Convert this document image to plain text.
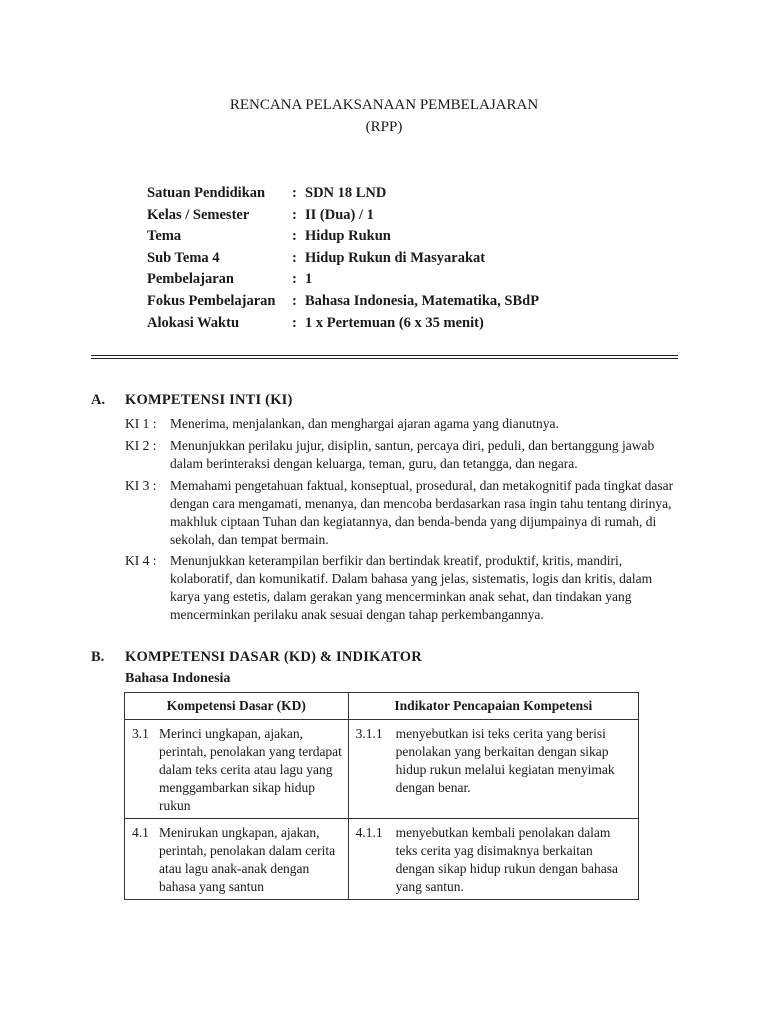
RENCANA PELAKSANAAN PEMBELAJARAN
(RPP)
Satuan Pendidikan : SDN 18 LND
Kelas / Semester	: II (Dua) / 1
Tema	: Hidup Rukun
Sub Tema 4	: Hidup Rukun di Masyarakat
Pembelajaran	: 1
Fokus Pembelajaran : Bahasa Indonesia, Matematika, SBdP
Alokasi Waktu	: 1 x Pertemuan (6 x 35 menit)
A. KOMPETENSI INTI (KI)
KI 1 : Menerima, menjalankan, dan menghargai ajaran agama yang dianutnya.
KI 2 : Menunjukkan perilaku jujur, disiplin, santun, percaya diri, peduli, dan bertanggung jawab dalam berinteraksi dengan keluarga, teman, guru, dan tetangga, dan negara.
KI 3 : Memahami pengetahuan faktual, konseptual, prosedural, dan metakognitif pada tingkat dasar dengan cara mengamati, menanya, dan mencoba berdasarkan rasa ingin tahu tentang dirinya, makhluk ciptaan Tuhan dan kegiatannya, dan benda-benda yang dijumpainya di rumah, di sekolah, dan tempat bermain.
KI 4 : Menunjukkan keterampilan berfikir dan bertindak kreatif, produktif, kritis, mandiri, kolaboratif, dan komunikatif. Dalam bahasa yang jelas, sistematis, logis dan kritis, dalam karya yang estetis, dalam gerakan yang mencerminkan anak sehat, dan tindakan yang mencerminkan perilaku anak sesuai dengan tahap perkembangannya.
B. KOMPETENSI DASAR (KD) & INDIKATOR
Bahasa Indonesia
Kompetensi Dasar (KD)	Indikator Pencapaian Kompetensi

3.1 Merinci ungkapan, ajakan, perintah, penolakan yang terdapat dalam teks cerita atau lagu yang menggambarkan sikap hidup rukun	3.1.1 menyebutkan isi teks cerita yang berisi penolakan yang berkaitan dengan sikap hidup rukun melalui kegiatan menyimak dengan benar.

4.1 Menirukan ungkapan, ajakan, perintah, penolakan dalam cerita atau lagu anak-anak dengan bahasa yang santun	4.1.1 menyebutkan kembali penolakan dalam teks cerita yag disimaknya berkaitan dengan sikap hidup rukun dengan bahasa yang santun.
